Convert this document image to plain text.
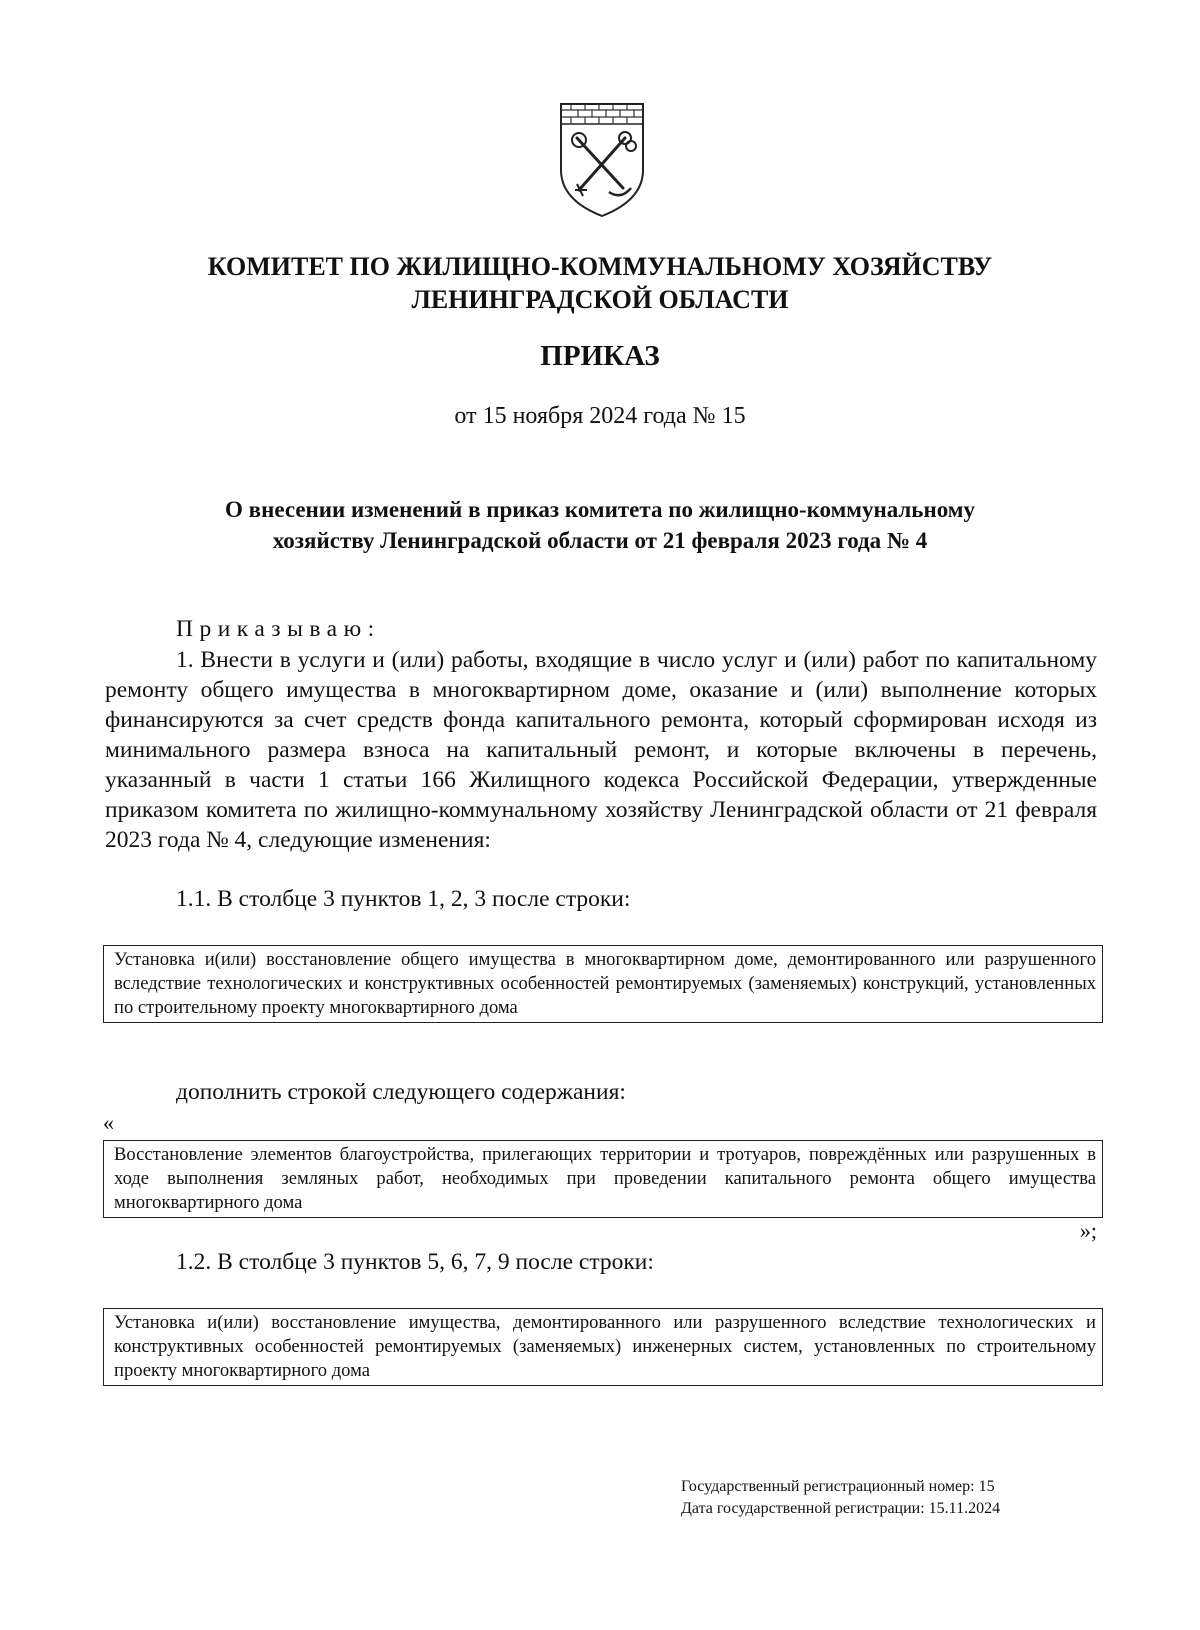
КОМИТЕТ ПО ЖИЛИЩНО-КОММУНАЛЬНОМУ ХОЗЯЙСТВУ
ЛЕНИНГРАДСКОЙ ОБЛАСТИ
ПРИКАЗ
от 15 ноября 2024 года № 15
О внесении изменений в приказ комитета по жилищно-коммунальному
хозяйству Ленинградской области от 21 февраля 2023 года № 4
Приказываю:
1. Внести в услуги и (или) работы, входящие в число услуг и (или) работ по капитальному ремонту общего имущества в многоквартирном доме, оказание и (или) выполнение которых финансируются за счет средств фонда капитального ремонта, который сформирован исходя из минимального размера взноса на капитальный ремонт, и которые включены в перечень, указанный в части 1 статьи 166 Жилищного кодекса Российской Федерации, утвержденные приказом комитета по жилищно-коммунальному хозяйству Ленинградской области от 21 февраля 2023 года № 4, следующие изменения:
1.1. В столбце 3 пунктов 1, 2, 3 после строки:
Установка и(или) восстановление общего имущества в многоквартирном доме, демонтированного или разрушенного вследствие технологических и конструктивных особенностей ремонтируемых (заменяемых) конструкций, установленных по строительному проекту многоквартирного дома
дополнить строкой следующего содержания:
«
Восстановление элементов благоустройства, прилегающих территории и тротуаров, повреждённых или разрушенных в ходе выполнения земляных работ, необходимых при проведении капитального ремонта общего имущества многоквартирного дома
»;
1.2. В столбце 3 пунктов 5, 6, 7, 9 после строки:
Установка и(или) восстановление имущества, демонтированного или разрушенного вследствие технологических и конструктивных особенностей ремонтируемых (заменяемых) инженерных систем, установленных по строительному проекту многоквартирного дома
Государственный регистрационный номер: 15
Дата государственной регистрации: 15.11.2024
